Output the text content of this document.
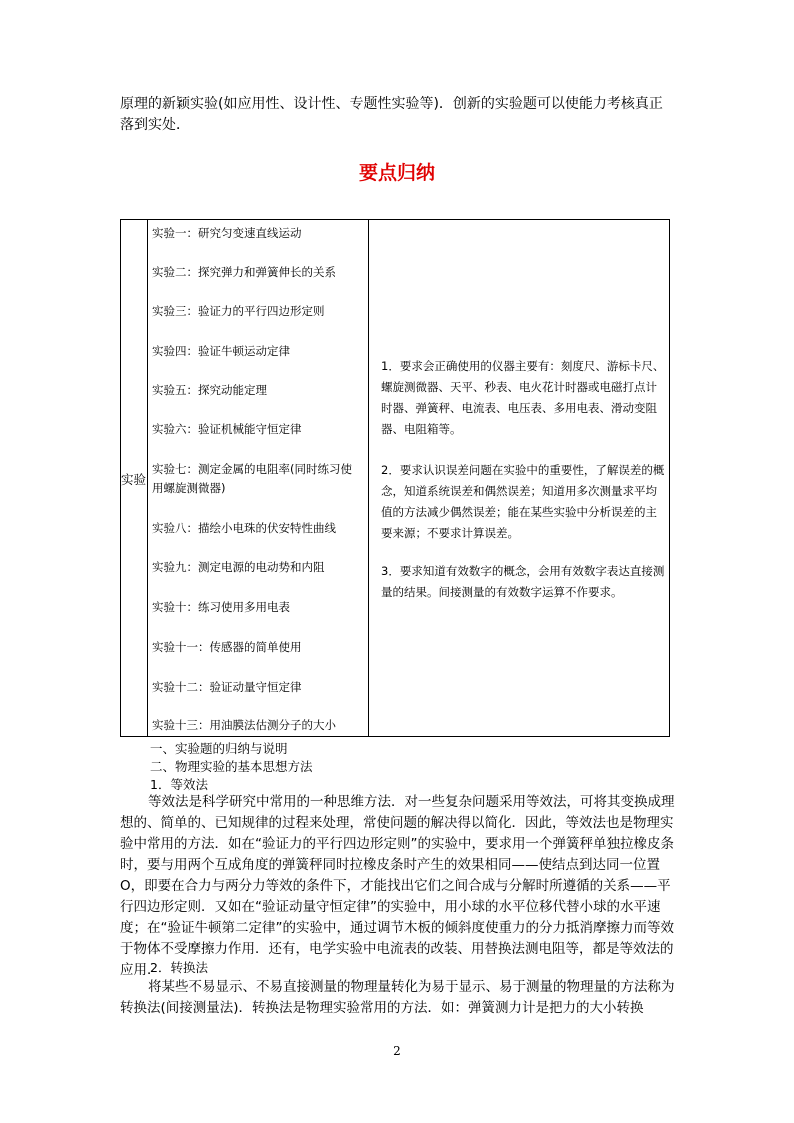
原理的新颖实验(如应用性、设计性、专题性实验等)．创新的实验题可以使能力考核真正落到实处．
要点归纳
实验
实验一：研究匀变速直线运动
实验二：探究弹力和弹簧伸长的关系
实验三：验证力的平行四边形定则
实验四：验证牛顿运动定律
实验五：探究动能定理
实验六：验证机械能守恒定律
实验七：测定金属的电阻率(同时练习使用螺旋测微器)
实验八：描绘小电珠的伏安特性曲线
实验九：测定电源的电动势和内阻
实验十：练习使用多用电表
实验十一：传感器的简单使用
实验十二：验证动量守恒定律
实验十三：用油膜法估测分子的大小
1．要求会正确使用的仪器主要有：刻度尺、游标卡尺、螺旋测微器、天平、秒表、电火花计时器或电磁打点计时器、弹簧秤、电流表、电压表、多用电表、滑动变阻器、电阻箱等。
2．要求认识误差问题在实验中的重要性，了解误差的概念，知道系统误差和偶然误差；知道用多次测量求平均值的方法减少偶然误差；能在某些实验中分析误差的主要来源；不要求计算误差。
3．要求知道有效数字的概念，会用有效数字表达直接测量的结果。间接测量的有效数字运算不作要求。
一、实验题的归纳与说明
二、物理实验的基本思想方法
1．等效法
等效法是科学研究中常用的一种思维方法．对一些复杂问题采用等效法，可将其变换成理想的、简单的、已知规律的过程来处理，常使问题的解决得以简化．因此，等效法也是物理实验中常用的方法．如在“验证力的平行四边形定则”的实验中，要求用一个弹簧秤单独拉橡皮条时，要与用两个互成角度的弹簧秤同时拉橡皮条时产生的效果相同——使结点到达同一位置O，即要在合力与两分力等效的条件下，才能找出它们之间合成与分解时所遵循的关系——平行四边形定则．又如在“验证动量守恒定律”的实验中，用小球的水平位移代替小球的水平速度；在“验证牛顿第二定律”的实验中，通过调节木板的倾斜度使重力的分力抵消摩擦力而等效于物体不受摩擦力作用．还有，电学实验中电流表的改装、用替换法测电阻等，都是等效法的应用．
2．转换法
将某些不易显示、不易直接测量的物理量转化为易于显示、易于测量的物理量的方法称为转换法(间接测量法)．转换法是物理实验常用的方法．如：弹簧测力计是把力的大小转换
2
